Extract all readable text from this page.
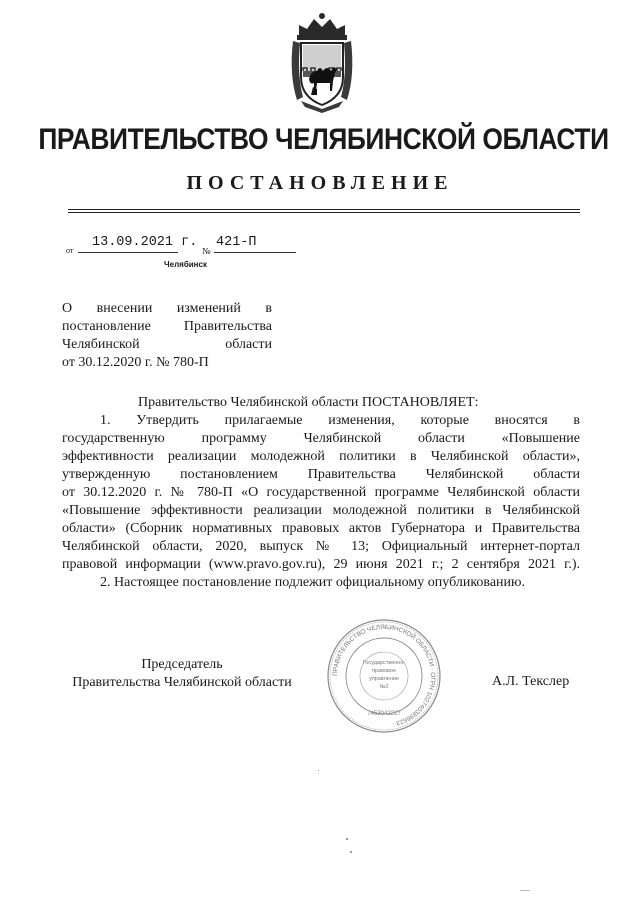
ПРАВИТЕЛЬСТВО ЧЕЛЯБИНСКОЙ ОБЛАСТИ
ПОСТАНОВЛЕНИЕ
от
13.09.2021 г.
№
421-П
Челябинск
О внесении изменений в
постановление Правительства
Челябинской области
от 30.12.2020 г. № 780-П
Правительство Челябинской области ПОСТАНОВЛЯЕТ:
1. Утвердить прилагаемые изменения, которые вносятся в
государственную программу Челябинской области «Повышение
эффективности реализации молодежной политики в Челябинской области»,
утвержденную постановлением Правительства Челябинской области
от 30.12.2020 г. № 780-П «О государственной программе Челябинской области
«Повышение эффективности реализации молодежной политики в Челябинской
области» (Сборник нормативных правовых актов Губернатора и Правительства
Челябинской области, 2020, выпуск № 13; Официальный интернет-портал
правовой информации (www.pravo.gov.ru), 29 июня 2021 г.; 2 сентября 2021 г.).
2. Настоящее постановление подлежит официальному опубликованию.
ПРАВИТЕЛЬСТВО ЧЕЛЯБИНСКОЙ ОБЛАСТИ · ОГРН 1027403896623 ·
Государственно-
правовое
управление
№2
7453042227
Председатель
Правительства Челябинской области	А.Л. Текслер
